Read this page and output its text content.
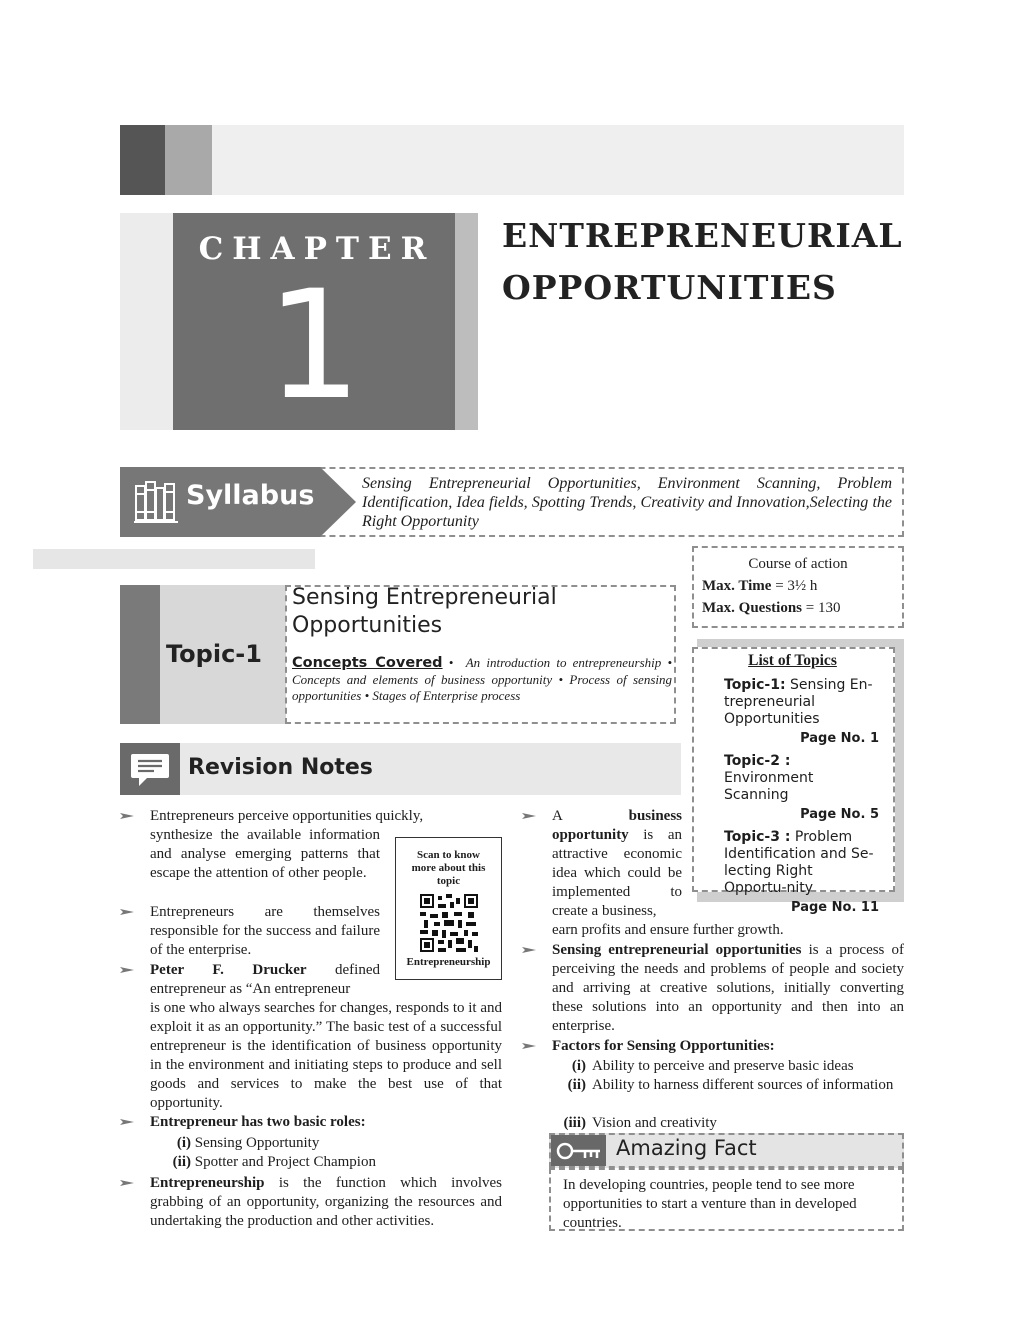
CHAPTER
1
ENTREPRENEURIAL
OPPORTUNITIES
Syllabus	Sensing Entrepreneurial Opportunities, Environment Scanning, Problem Identification, Idea fields, Spotting Trends, Creativity and Innovation,Selecting the Right Opportunity
Course of action
Max. Time = 3½ h
Max. Questions = 130
Topic-1
Sensing Entrepreneurial Opportunities
Concepts Covered •  An introduction to entrepreneurship • Concepts and elements of business opportunity • Process of sensing opportunities • Stages of Enterprise process
List of Topics
Topic-1: Sensing En-trepreneurial Opportunities
Page No. 1
Topic-2 : Environment Scanning
Page No. 5
Topic-3 : Problem Identification and Se-lecting Right Opportu-nity
Page No. 11
Revision Notes
Scan to know more about this topic
Entrepreneurship
Entrepreneurs perceive opportunities quickly,
synthesize the available information and analyse emerging patterns that escape the attention of other people.
Entrepreneurs are themselves responsible for the success and failure of the enterprise.
Peter F. Drucker defined entrepreneur as “An entrepreneur
is one who always searches for changes, responds to it and exploit it as an opportunity.” The basic test of a successful entrepreneur is the identification of business opportunity in the environment and initiating steps to produce and sell goods and services to make the best use of that opportunity.
Entrepreneur has two basic roles:
(i) Sensing Opportunity
(ii) Spotter and Project Champion
Entrepreneurship is the function which involves grabbing of an opportunity, organizing the resources and undertaking the production and other activities.
A	business
opportunity is an attractive economic idea which could be implemented to create a business,
earn profits and ensure further growth.
Sensing entrepreneurial opportunities is a process of perceiving the needs and problems of people and society and arriving at creative solutions, initially converting these solutions into an opportunity and then into an enterprise.
Factors for Sensing Opportunities:
(i) Ability to perceive and preserve basic ideas
(ii) Ability to harness different sources of information
(iii) Vision and creativity
Amazing Fact
In developing countries, people tend to see more opportunities to start a venture than in developed countries.
